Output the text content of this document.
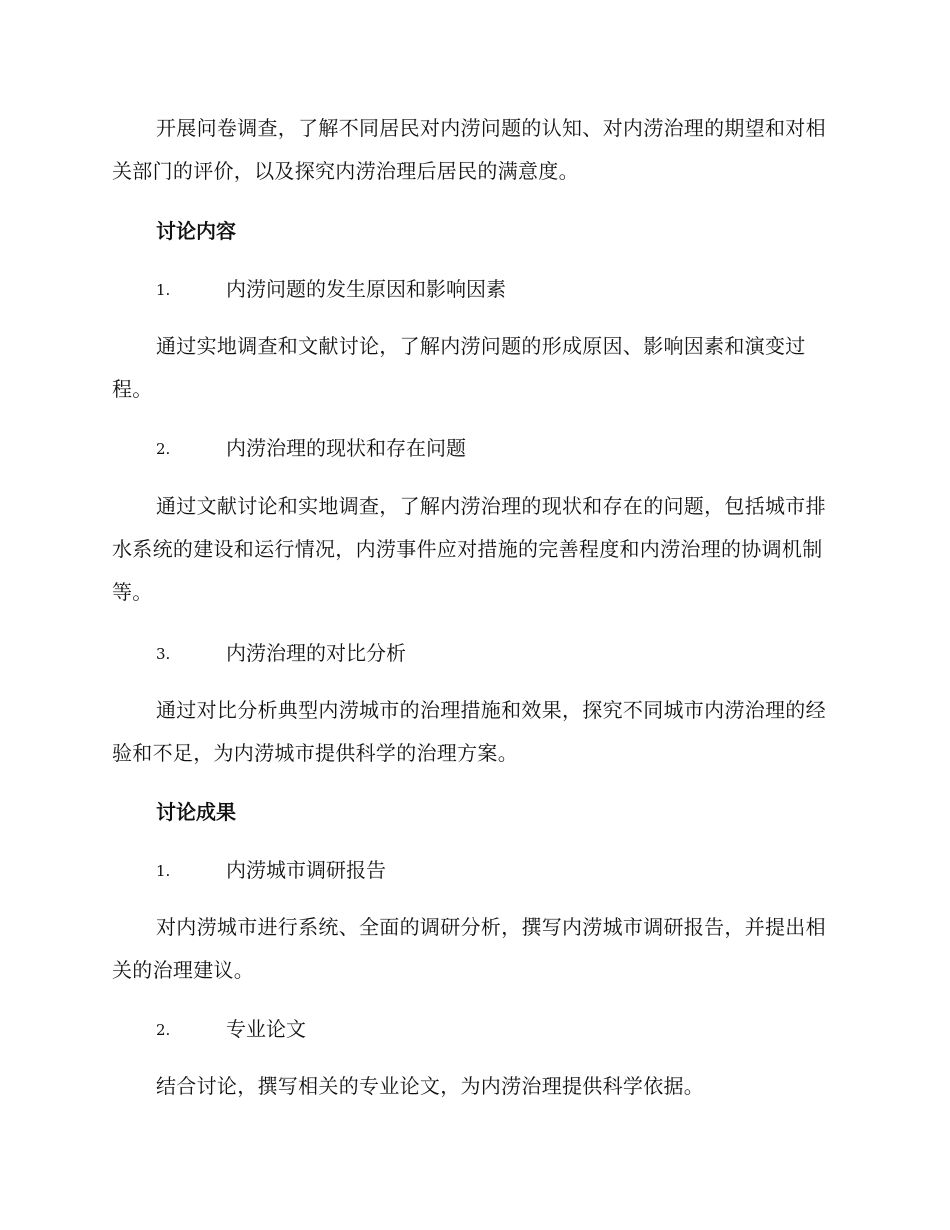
开展问卷调查，了解不同居民对内涝问题的认知、对内涝治理的期望和对相关部门的评价，以及探究内涝治理后居民的满意度。

讨论内容
1.	内涝问题的发生原因和影响因素

通过实地调查和文献讨论，了解内涝问题的形成原因、影响因素和演变过程。

2.	内涝治理的现状和存在问题

通过文献讨论和实地调查，了解内涝治理的现状和存在的问题，包括城市排水系统的建设和运行情况，内涝事件应对措施的完善程度和内涝治理的协调机制等。

3.	内涝治理的对比分析

通过对比分析典型内涝城市的治理措施和效果，探究不同城市内涝治理的经验和不足，为内涝城市提供科学的治理方案。

讨论成果
1.	内涝城市调研报告

对内涝城市进行系统、全面的调研分析，撰写内涝城市调研报告，并提出相关的治理建议。

2.	专业论文

结合讨论，撰写相关的专业论文，为内涝治理提供科学依据。
